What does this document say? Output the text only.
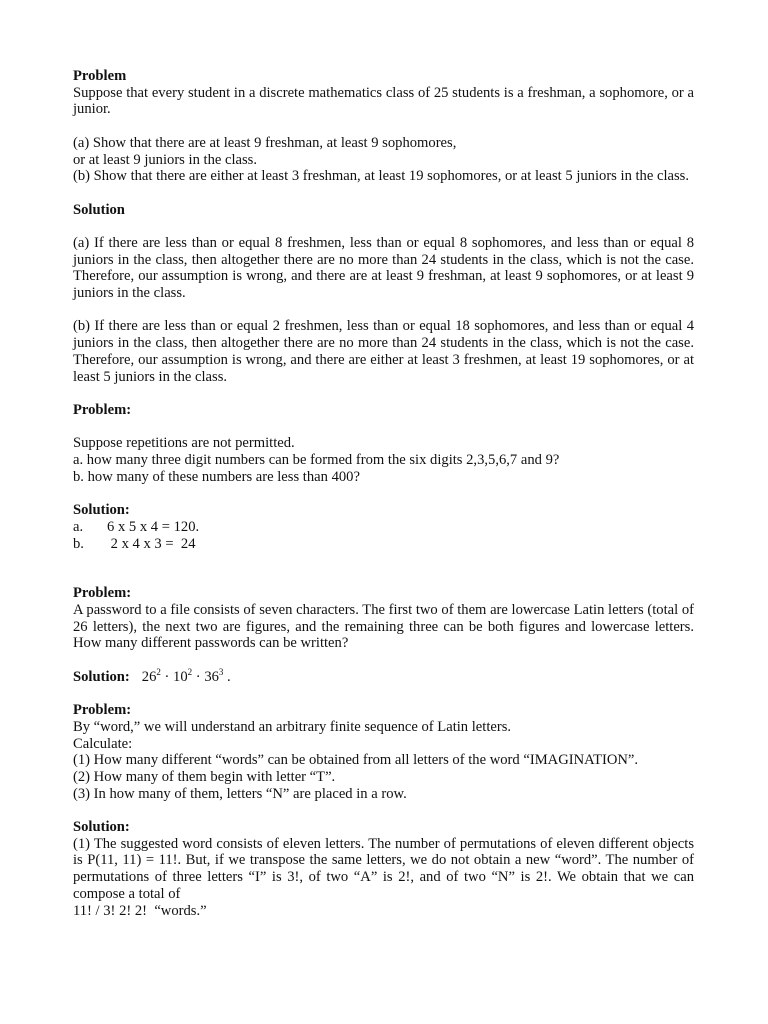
Problem

Suppose that every student in a discrete mathematics class of 25 students is a freshman, a sophomore, or a junior.

(a) Show that there are at least 9 freshman, at least 9 sophomores,

or at least 9 juniors in the class.

(b) Show that there are either at least 3 freshman, at least 19 sophomores, or at least 5 juniors in the class.

Solution

(a) If there are less than or equal 8 freshmen, less than or equal 8 sophomores, and less than or equal 8 juniors in the class, then altogether there are no more than 24 students in the class, which is not the case. Therefore, our assumption is wrong, and there are at least 9 freshman, at least 9 sophomores, or at least 9 juniors in the class.

(b) If there are less than or equal 2 freshmen, less than or equal 18 sophomores, and less than or equal 4 juniors in the class, then altogether there are no more than 24 students in the class, which is not the case. Therefore, our assumption is wrong, and there are either at least 3 freshmen, at least 19 sophomores, or at least 5 juniors in the class.

Problem:

Suppose repetitions are not permitted.

a. how many three digit numbers can be formed from the six digits 2,3,5,6,7 and 9?

b. how many of these numbers are less than 400?

Solution:

a.	6 x 5 x 4 = 120.
b.	2 x 4 x 3 =  24

Problem:

A password to a file consists of seven characters. The first two of them are lowercase Latin letters (total of 26 letters), the next two are figures, and the remaining three can be both figures and lowercase letters. How many different passwords can be written?

Solution: $26^2 \cdot 10^2 \cdot 36^3$ .

Problem:

By “word,” we will understand an arbitrary finite sequence of Latin letters.

Calculate:

(1) How many different “words” can be obtained from all letters of the word “IMAGINATION”.

(2) How many of them begin with letter “T”.

(3) In how many of them, letters “N” are placed in a row.

Solution:

(1) The suggested word consists of eleven letters. The number of permutations of eleven different objects is P(11, 11) = 11!. But, if we transpose the same letters, we do not obtain a new “word”. The number of permutations of three letters “I” is 3!, of two “A” is 2!, and of two “N” is 2!. We obtain that we can compose a total of

11! / 3! 2! 2!  “words.”
